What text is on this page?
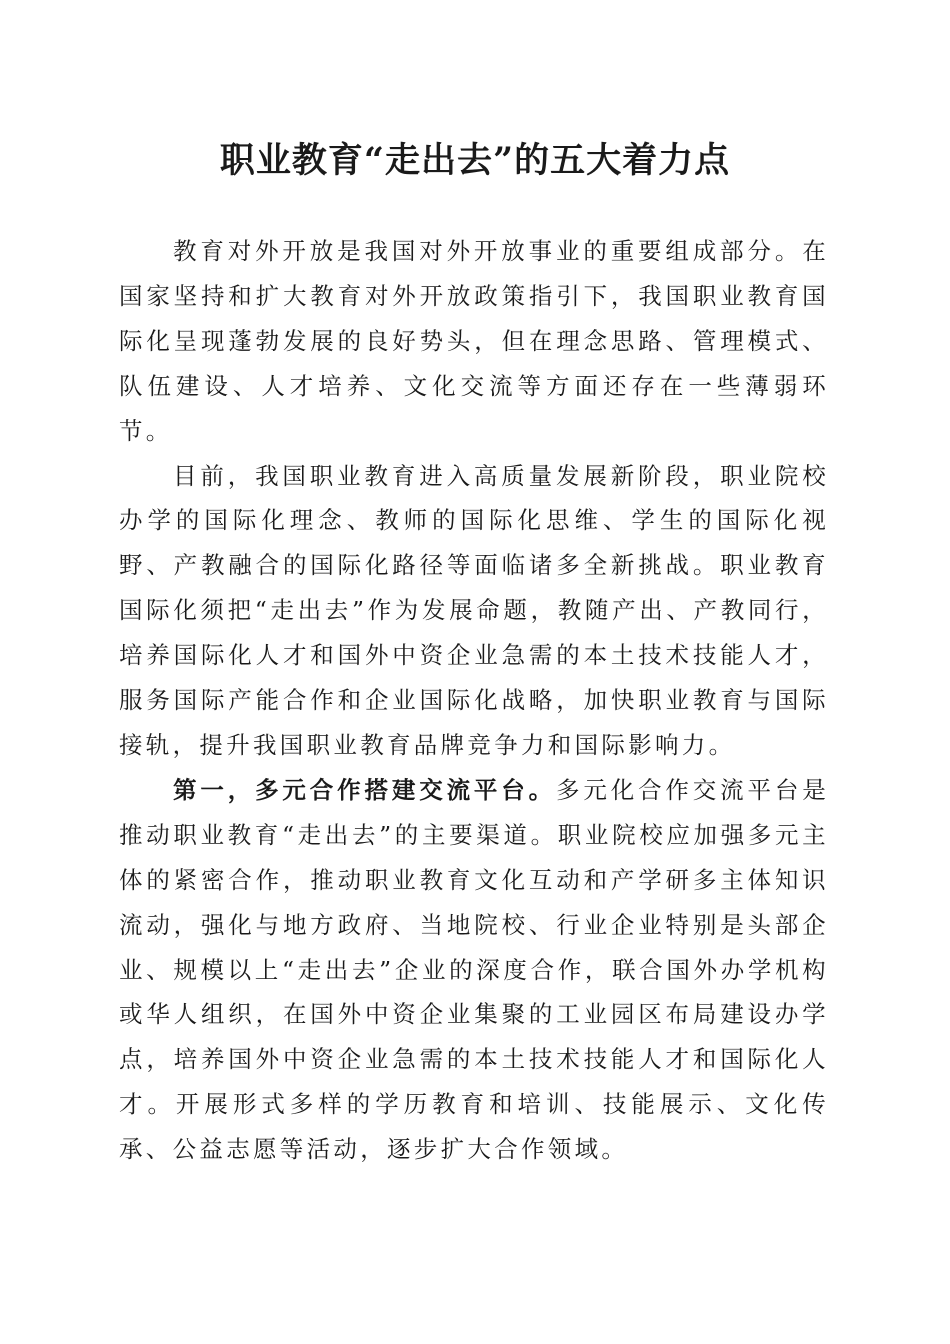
职业教育“走出去”的五大着力点

教育对外开放是我国对外开放事业的重要组成部分。在国家坚持和扩大教育对外开放政策指引下，我国职业教育国际化呈现蓬勃发展的良好势头，但在理念思路、管理模式、队伍建设、人才培养、文化交流等方面还存在一些薄弱环节。

目前，我国职业教育进入高质量发展新阶段，职业院校办学的国际化理念、教师的国际化思维、学生的国际化视野、产教融合的国际化路径等面临诸多全新挑战。职业教育国际化须把“走出去”作为发展命题，教随产出、产教同行，培养国际化人才和国外中资企业急需的本土技术技能人才，服务国际产能合作和企业国际化战略，加快职业教育与国际接轨，提升我国职业教育品牌竞争力和国际影响力。

第一，多元合作搭建交流平台。多元化合作交流平台是推动职业教育“走出去”的主要渠道。职业院校应加强多元主体的紧密合作，推动职业教育文化互动和产学研多主体知识流动，强化与地方政府、当地院校、行业企业特别是头部企业、规模以上“走出去”企业的深度合作，联合国外办学机构或华人组织，在国外中资企业集聚的工业园区布局建设办学点，培养国外中资企业急需的本土技术技能人才和国际化人才。开展形式多样的学历教育和培训、技能展示、文化传承、公益志愿等活动，逐步扩大合作领域。
